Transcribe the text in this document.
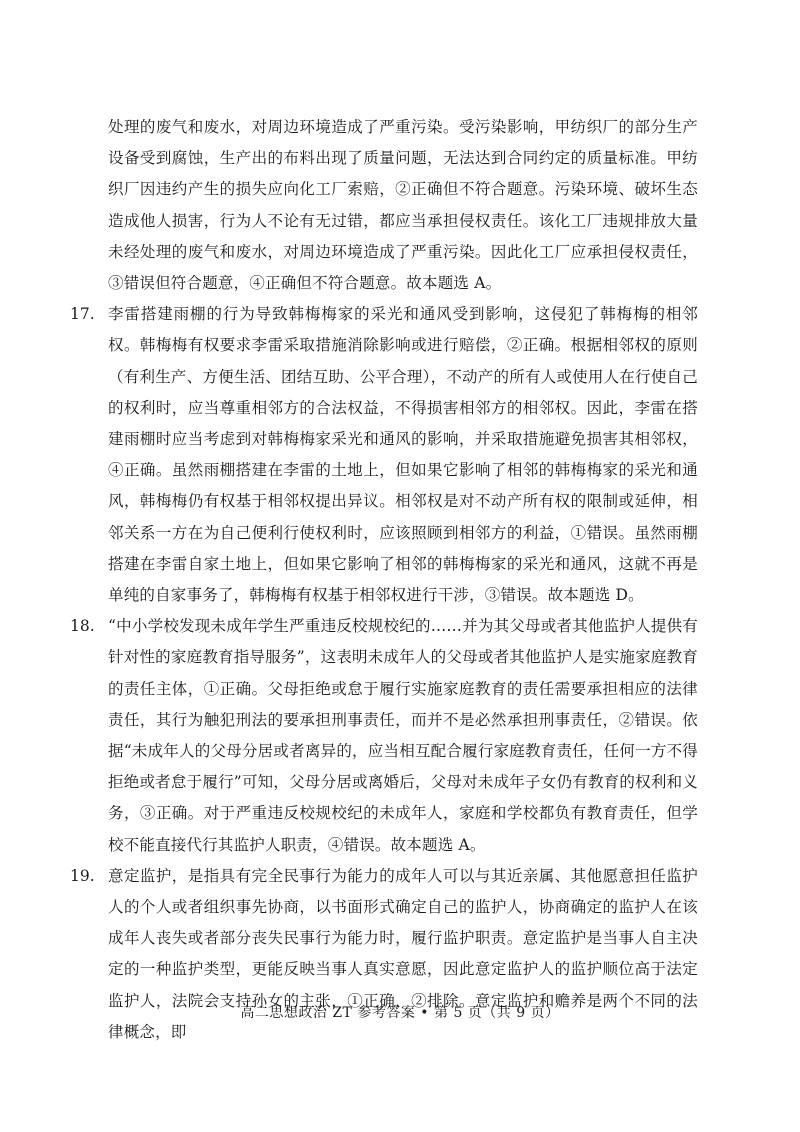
处理的废气和废水，对周边环境造成了严重污染。受污染影响，甲纺织厂的部分生产设备受到腐蚀，生产出的布料出现了质量问题，无法达到合同约定的质量标准。甲纺织厂因违约产生的损失应向化工厂索赔，②正确但不符合题意。污染环境、破坏生态造成他人损害，行为人不论有无过错，都应当承担侵权责任。该化工厂违规排放大量未经处理的废气和废水，对周边环境造成了严重污染。因此化工厂应承担侵权责任，③错误但符合题意，④正确但不符合题意。故本题选 A。

17. 李雷搭建雨棚的行为导致韩梅梅家的采光和通风受到影响，这侵犯了韩梅梅的相邻权。韩梅梅有权要求李雷采取措施消除影响或进行赔偿，②正确。根据相邻权的原则（有利生产、方便生活、团结互助、公平合理），不动产的所有人或使用人在行使自己的权利时，应当尊重相邻方的合法权益，不得损害相邻方的相邻权。因此，李雷在搭建雨棚时应当考虑到对韩梅梅家采光和通风的影响，并采取措施避免损害其相邻权，④正确。虽然雨棚搭建在李雷的土地上，但如果它影响了相邻的韩梅梅家的采光和通风，韩梅梅仍有权基于相邻权提出异议。相邻权是对不动产所有权的限制或延伸，相邻关系一方在为自己便利行使权利时，应该照顾到相邻方的利益，①错误。虽然雨棚搭建在李雷自家土地上，但如果它影响了相邻的韩梅梅家的采光和通风，这就不再是单纯的自家事务了，韩梅梅有权基于相邻权进行干涉，③错误。故本题选 D。

18. “中小学校发现未成年学生严重违反校规校纪的……并为其父母或者其他监护人提供有针对性的家庭教育指导服务”，这表明未成年人的父母或者其他监护人是实施家庭教育的责任主体，①正确。父母拒绝或怠于履行实施家庭教育的责任需要承担相应的法律责任，其行为触犯刑法的要承担刑事责任，而并不是必然承担刑事责任，②错误。依据“未成年人的父母分居或者离异的，应当相互配合履行家庭教育责任，任何一方不得拒绝或者怠于履行”可知，父母分居或离婚后，父母对未成年子女仍有教育的权利和义务，③正确。对于严重违反校规校纪的未成年人，家庭和学校都负有教育责任，但学校不能直接代行其监护人职责，④错误。故本题选 A。

19. 意定监护，是指具有完全民事行为能力的成年人可以与其近亲属、其他愿意担任监护人的个人或者组织事先协商，以书面形式确定自己的监护人，协商确定的监护人在该成年人丧失或者部分丧失民事行为能力时，履行监护职责。意定监护是当事人自主决定的一种监护类型，更能反映当事人真实意愿，因此意定监护人的监护顺位高于法定监护人，法院会支持孙女的主张，①正确，②排除。意定监护和赡养是两个不同的法律概念，即

高二思想政治 ZT 参考答案 • 第 5 页（共 9 页）
